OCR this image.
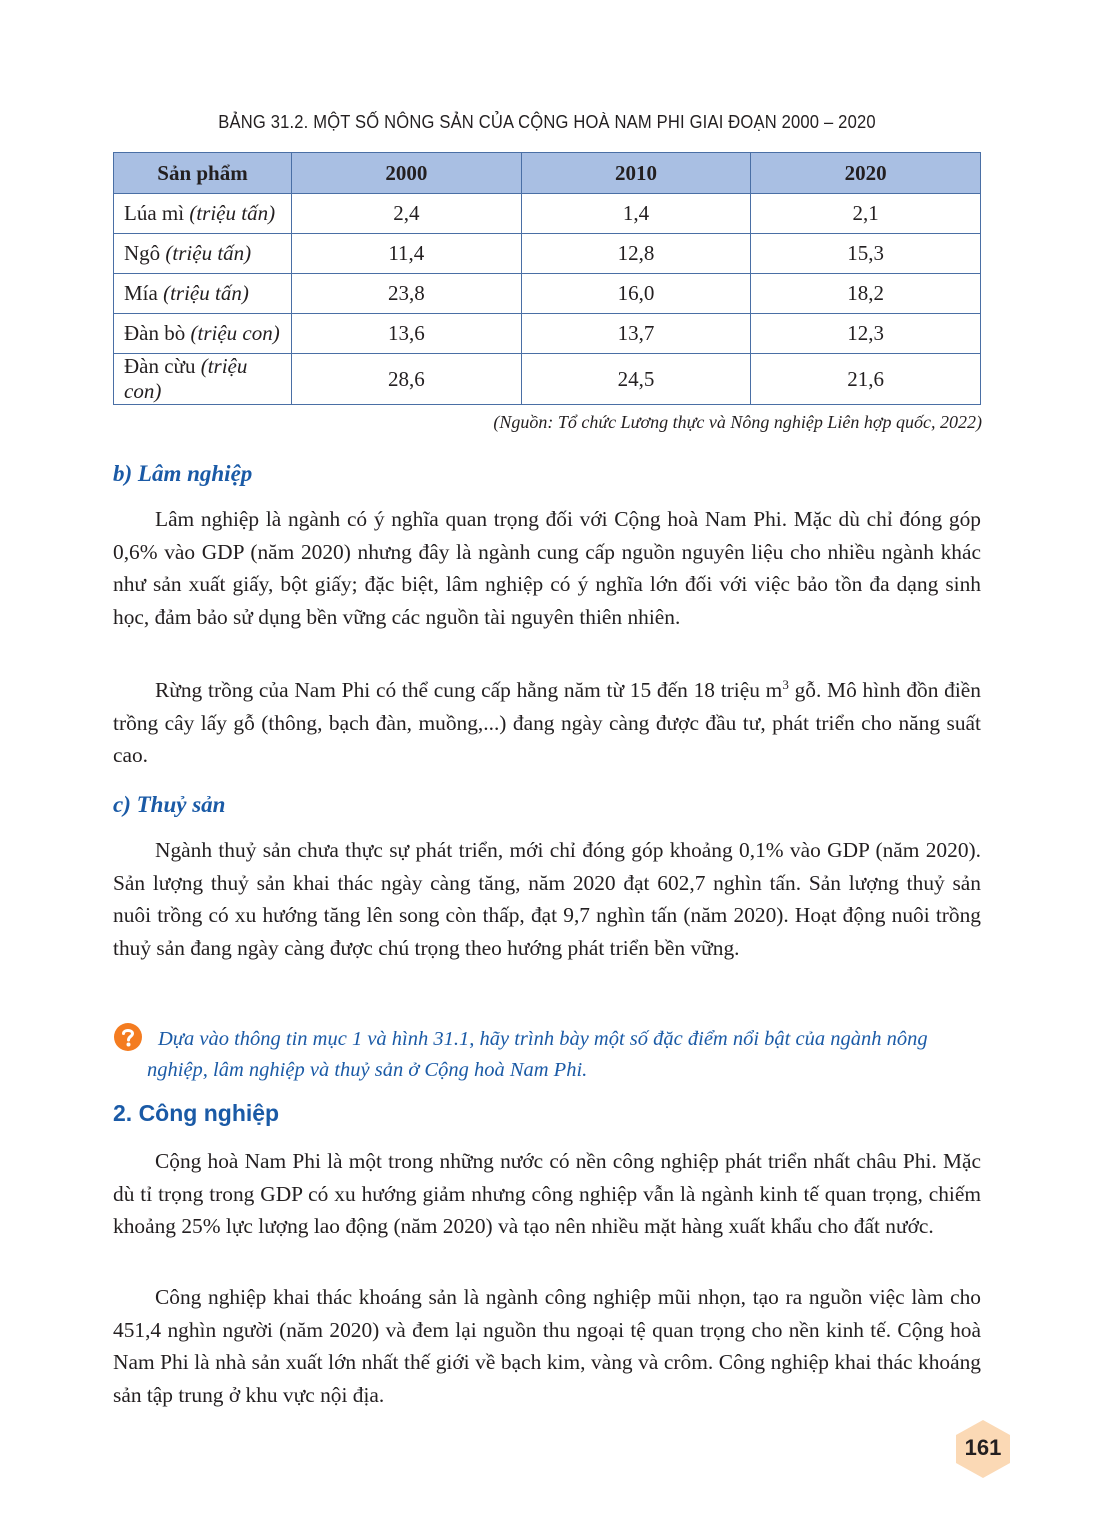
BẢNG 31.2. MỘT SỐ NÔNG SẢN CỦA CỘNG HOÀ NAM PHI GIAI ĐOẠN 2000 – 2020
Sản phẩm	2000	2010	2020
Lúa mì (triệu tấn)	2,4	1,4	2,1
Ngô (triệu tấn)	11,4	12,8	15,3
Mía (triệu tấn)	23,8	16,0	18,2
Đàn bò (triệu con)	13,6	13,7	12,3
Đàn cừu (triệu con)	28,6	24,5	21,6
(Nguồn: Tổ chức Lương thực và Nông nghiệp Liên hợp quốc, 2022)
b) Lâm nghiệp

Lâm nghiệp là ngành có ý nghĩa quan trọng đối với Cộng hoà Nam Phi. Mặc dù chỉ đóng góp 0,6% vào GDP (năm 2020) nhưng đây là ngành cung cấp nguồn nguyên liệu cho nhiều ngành khác như sản xuất giấy, bột giấy; đặc biệt, lâm nghiệp có ý nghĩa lớn đối với việc bảo tồn đa dạng sinh học, đảm bảo sử dụng bền vững các nguồn tài nguyên thiên nhiên.

Rừng trồng của Nam Phi có thể cung cấp hằng năm từ 15 đến 18 triệu $m^3$ gỗ. Mô hình đồn điền trồng cây lấy gỗ (thông, bạch đàn, muồng,...) đang ngày càng được đầu tư, phát triển cho năng suất cao.

c) Thuỷ sản

Ngành thuỷ sản chưa thực sự phát triển, mới chỉ đóng góp khoảng 0,1% vào GDP (năm 2020). Sản lượng thuỷ sản khai thác ngày càng tăng, năm 2020 đạt 602,7 nghìn tấn. Sản lượng thuỷ sản nuôi trồng có xu hướng tăng lên song còn thấp, đạt 9,7 nghìn tấn (năm 2020). Hoạt động nuôi trồng thuỷ sản đang ngày càng được chú trọng theo hướng phát triển bền vững.

Dựa vào thông tin mục 1 và hình 31.1, hãy trình bày một số đặc điểm nổi bật của ngành nông nghiệp, lâm nghiệp và thuỷ sản ở Cộng hoà Nam Phi.
2. Công nghiệp

Cộng hoà Nam Phi là một trong những nước có nền công nghiệp phát triển nhất châu Phi. Mặc dù tỉ trọng trong GDP có xu hướng giảm nhưng công nghiệp vẫn là ngành kinh tế quan trọng, chiếm khoảng 25% lực lượng lao động (năm 2020) và tạo nên nhiều mặt hàng xuất khẩu cho đất nước.

Công nghiệp khai thác khoáng sản là ngành công nghiệp mũi nhọn, tạo ra nguồn việc làm cho 451,4 nghìn người (năm 2020) và đem lại nguồn thu ngoại tệ quan trọng cho nền kinh tế. Cộng hoà Nam Phi là nhà sản xuất lớn nhất thế giới về bạch kim, vàng và crôm. Công nghiệp khai thác khoáng sản tập trung ở khu vực nội địa.

161
